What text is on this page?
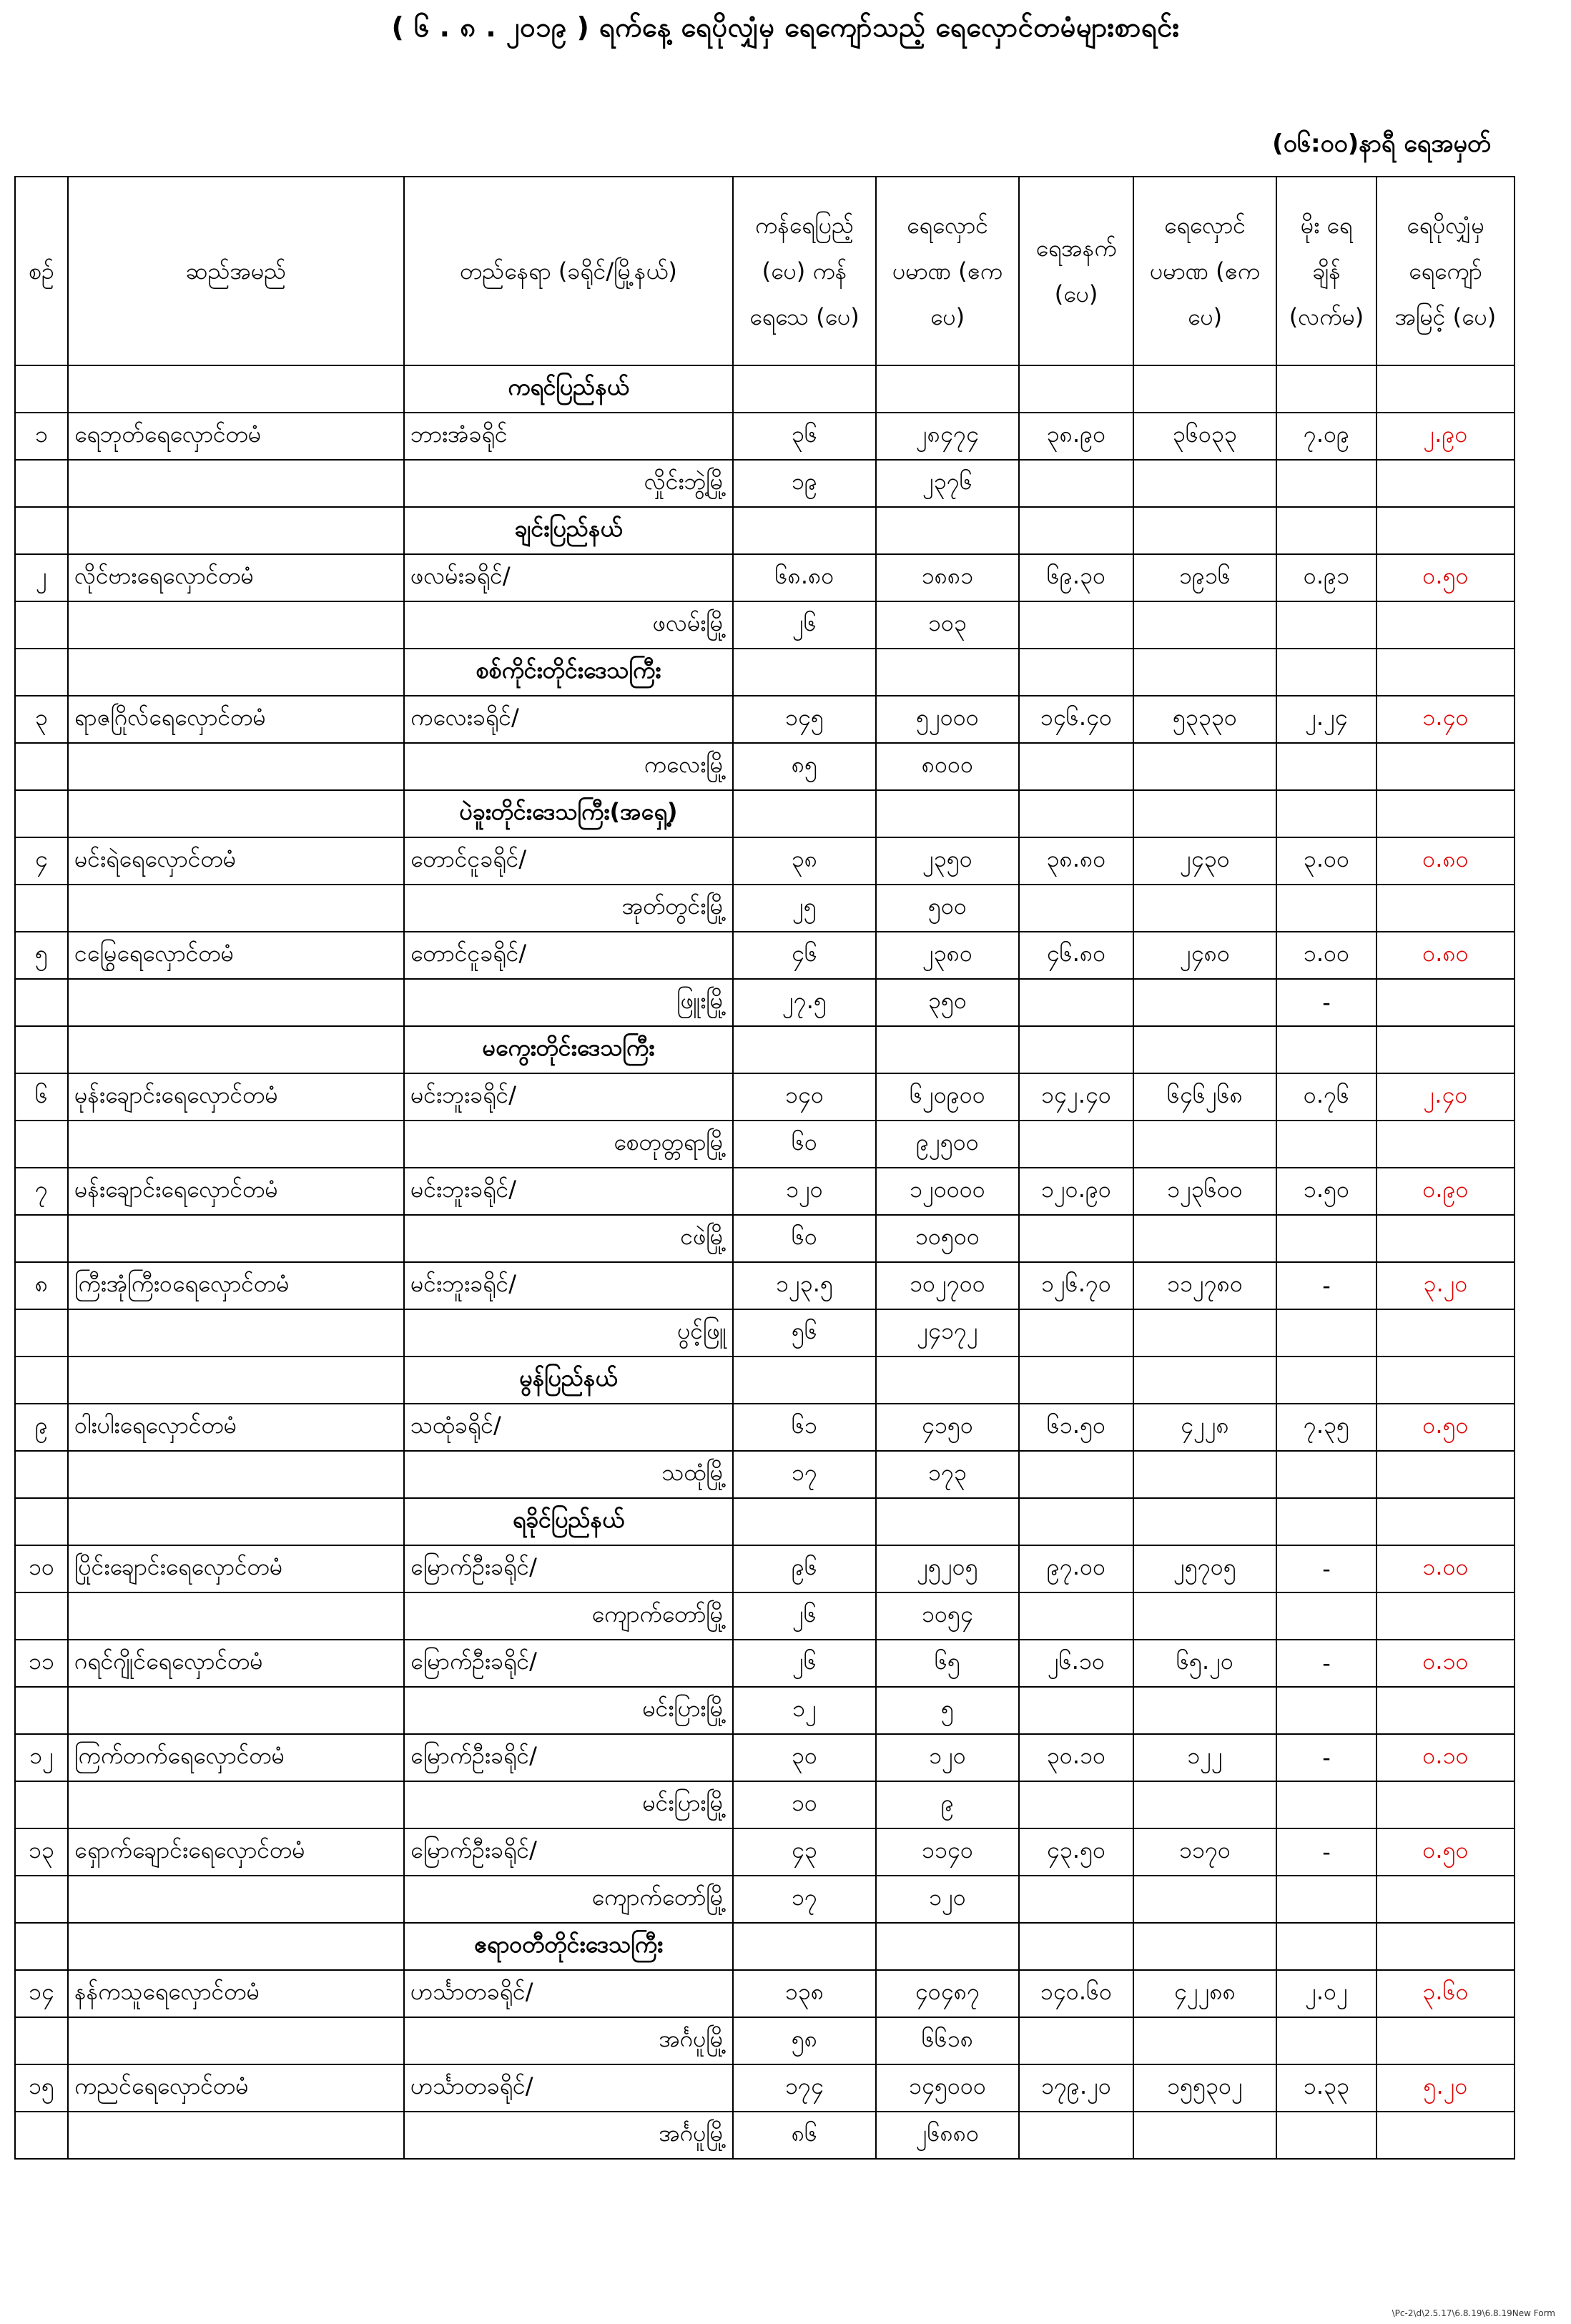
( ၆ . ၈ . ၂၀၁၉ ) ရက်နေ့ ရေပိုလျှံမှ ရေကျော်သည့် ရေလှောင်တမံများစာရင်း
(၀၆:၀၀)နာရီ ရေအမှတ်
စဉ်	ဆည်အမည်	တည်နေရာ (ခရိုင်/မြို့နယ်)	ကန်ရေပြည့် (ပေ) ကန်ရေသေ (ပေ)	ရေလှောင် ပမာဏ (ဧကပေ)	ရေအနက် (ပေ)	ရေလှောင် ပမာဏ (ဧကပေ)	မိုး ရေ ချိန် (လက်မ)	ရေပိုလျှံမှ ရေကျော် အမြင့် (ပေ)
		ကရင်ပြည်နယ်						
၁	ရေဘုတ်ရေလှောင်တမံ	ဘားအံခရိုင်	၃၆	၂၈၄၇၄	၃၈.၉၀	၃၆၀၃၃	၇.၀၉	၂.၉၀
		လှိုင်းဘွဲ့မြို့	၁၉	၂၃၇၆				
		ချင်းပြည်နယ်						
၂	လိုင်ဗားရေလှောင်တမံ	ဖလမ်းခရိုင်/	၆၈.၈၀	၁၈၈၁	၆၉.၃၀	၁၉၁၆	၀.၉၁	၀.၅၀
		ဖလမ်းမြို့	၂၆	၁၀၃				
		စစ်ကိုင်းတိုင်းဒေသကြီး						
၃	ရာဇဂြိုလ်ရေလှောင်တမံ	ကလေးခရိုင်/	၁၄၅	၅၂၀၀၀	၁၄၆.၄၀	၅၃၃၃၀	၂.၂၄	၁.၄၀
		ကလေးမြို့	၈၅	၈၀၀၀				
		ပဲခူးတိုင်းဒေသကြီး(အရှေ့)						
၄	မင်းရဲရေလှောင်တမံ	တောင်ငူခရိုင်/	၃၈	၂၃၅၀	၃၈.၈၀	၂၄၃၀	၃.၀၀	၀.၈၀
		အုတ်တွင်းမြို့	၂၅	၅၀၀				
၅	ငမြွေရေလှောင်တမံ	တောင်ငူခရိုင်/	၄၆	၂၃၈၀	၄၆.၈၀	၂၄၈၀	၁.၀၀	၀.၈၀
		ဖြူးမြို့	၂၇.၅	၃၅၀			-	
		မကွေးတိုင်းဒေသကြီး						
၆	မုန်းချောင်းရေလှောင်တမံ	မင်းဘူးခရိုင်/	၁၄၀	၆၂၀၉၀၀	၁၄၂.၄၀	၆၄၆၂၆၈	၀.၇၆	၂.၄၀
		စေတုတ္တရာမြို့	၆၀	၉၂၅၀၀				
၇	မန်းချောင်းရေလှောင်တမံ	မင်းဘူးခရိုင်/	၁၂၀	၁၂၀၀၀၀	၁၂၀.၉၀	၁၂၃၆၀၀	၁.၅၀	၀.၉၀
		ငဖဲမြို့	၆၀	၁၀၅၀၀				
၈	ကြီးအုံကြီးဝရေလှောင်တမံ	မင်းဘူးခရိုင်/	၁၂၃.၅	၁၀၂၇၀၀	၁၂၆.၇၀	၁၁၂၇၈၀	-	၃.၂၀
		ပွင့်ဖြူ	၅၆	၂၄၁၇၂				
		မွန်ပြည်နယ်						
၉	ဝါးပါးရေလှောင်တမံ	သထုံခရိုင်/	၆၁	၄၁၅၀	၆၁.၅၀	၄၂၂၈	၇.၃၅	၀.၅၀
		သထုံမြို့	၁၇	၁၇၃				
		ရခိုင်ပြည်နယ်						
၁၀	ပြိုင်းချောင်းရေလှောင်တမံ	မြောက်ဦးခရိုင်/	၉၆	၂၅၂၀၅	၉၇.၀၀	၂၅၇၀၅	-	၁.၀၀
		ကျောက်တော်မြို့	၂၆	၁၀၅၄				
၁၁	ဂရင်ဂျိုင်ရေလှောင်တမံ	မြောက်ဦးခရိုင်/	၂၆	၆၅	၂၆.၁၀	၆၅.၂၀	-	၀.၁၀
		မင်းပြားမြို့	၁၂	၅				
၁၂	ကြက်တက်ရေလှောင်တမံ	မြောက်ဦးခရိုင်/	၃၀	၁၂၀	၃၀.၁၀	၁၂၂	-	၀.၁၀
		မင်းပြားမြို့	၁၀	၉				
၁၃	ရှောက်ချောင်းရေလှောင်တမံ	မြောက်ဦးခရိုင်/	၄၃	၁၁၄၀	၄၃.၅၀	၁၁၇၀	-	၀.၅၀
		ကျောက်တော်မြို့	၁၇	၁၂၀				
		ဧရာဝတီတိုင်းဒေသကြီး						
၁၄	နန်ကသူရေလှောင်တမံ	ဟင်္သာတခရိုင်/	၁၃၈	၄၀၄၈၇	၁၄၀.၆၀	၄၂၂၈၈	၂.၀၂	၃.၆၀
		အင်္ဂပူမြို့	၅၈	၆၆၁၈				
၁၅	ကညင်ရေလှောင်တမံ	ဟင်္သာတခရိုင်/	၁၇၄	၁၄၅၀၀၀	၁၇၉.၂၀	၁၅၅၃၀၂	၁.၃၃	၅.၂၀
		အင်္ဂပူမြို့	၈၆	၂၆၈၈၀				
\Pc-2\d\2.5.17\6.8.19\6.8.19New Form
